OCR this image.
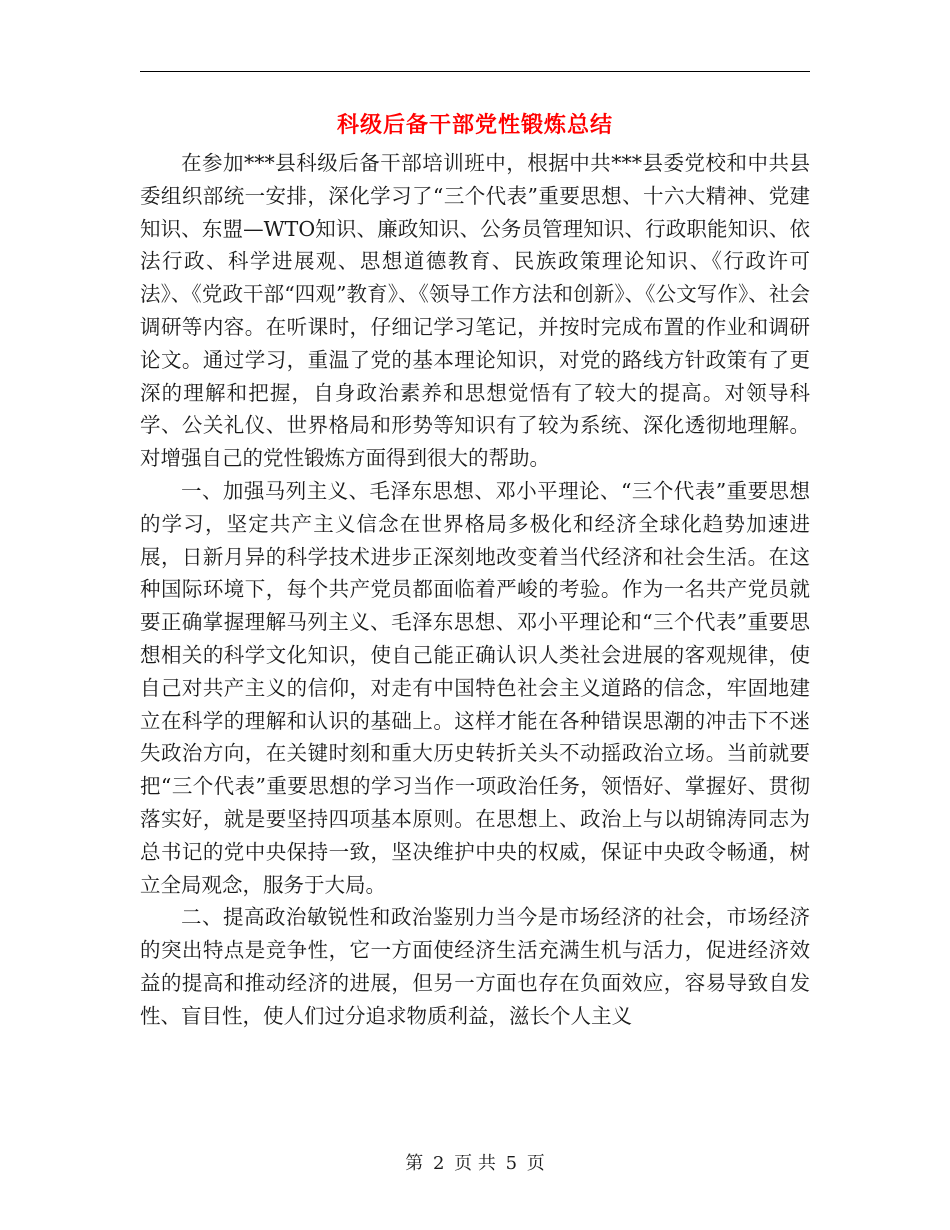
科级后备干部党性锻炼总结

在参加***县科级后备干部培训班中，根据中共***县委党校和中共县委组织部统一安排，深化学习了“三个代表”重要思想、十六大精神、党建知识、东盟—WTO知识、廉政知识、公务员管理知识、行政职能知识、依法行政、科学进展观、思想道德教育、民族政策理论知识、《行政许可法》、《党政干部“四观”教育》、《领导工作方法和创新》、《公文写作》、社会调研等内容。在听课时，仔细记学习笔记，并按时完成布置的作业和调研论文。通过学习，重温了党的基本理论知识，对党的路线方针政策有了更深的理解和把握，自身政治素养和思想觉悟有了较大的提高。对领导科学、公关礼仪、世界格局和形势等知识有了较为系统、深化透彻地理解。对增强自己的党性锻炼方面得到很大的帮助。

一、加强马列主义、毛泽东思想、邓小平理论、“三个代表”重要思想的学习，坚定共产主义信念在世界格局多极化和经济全球化趋势加速进展，日新月异的科学技术进步正深刻地改变着当代经济和社会生活。在这种国际环境下，每个共产党员都面临着严峻的考验。作为一名共产党员就要正确掌握理解马列主义、毛泽东思想、邓小平理论和“三个代表”重要思想相关的科学文化知识，使自己能正确认识人类社会进展的客观规律，使自己对共产主义的信仰，对走有中国特色社会主义道路的信念，牢固地建立在科学的理解和认识的基础上。这样才能在各种错误思潮的冲击下不迷失政治方向，在关键时刻和重大历史转折关头不动摇政治立场。当前就要把“三个代表”重要思想的学习当作一项政治任务，领悟好、掌握好、贯彻落实好，就是要坚持四项基本原则。在思想上、政治上与以胡锦涛同志为总书记的党中央保持一致，坚决维护中央的权威，保证中央政令畅通，树立全局观念，服务于大局。

二、提高政治敏锐性和政治鉴别力当今是市场经济的社会，市场经济的突出特点是竞争性，它一方面使经济生活充满生机与活力，促进经济效益的提高和推动经济的进展，但另一方面也存在负面效应，容易导致自发性、盲目性，使人们过分追求物质利益，滋长个人主义

第 2 页 共 5 页
